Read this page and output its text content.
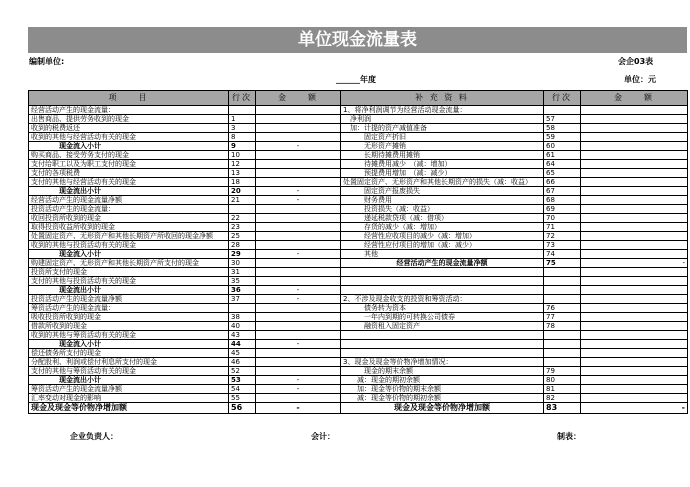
单位现金流量表
编制单位:	会企03表
______年度	单位：元
项　　目	行次	金　　额	补 充 资 料	行次	金　　额
经营活动产生的现金流量：			1、将净利润调节为经营活动现金流量：		
出售商品、提供劳务收到的现金	1		　净利润	57	
收到的税费返还	3		　加：计提的资产减值准备	58	
收到的其他与经营活动有关的现金	8		　　　固定资产折旧	59	
　　　　现金流入小计	9	-	　　　无形资产摊销	60	
购买商品、接受劳务支付的现金	10		　　　长期待摊费用摊销	61	
支付给职工以及为职工支付的现金	12		　　　待摊费用减少　（减：增加）	64	
支付的各项税费	13		　　　预提费用增加　（减：减少）	65	
支付的其他与经营活动有关的现金	18		处置固定资产、无形资产和其他长期资产的损失（减：收益）	66	
　　　　现金流出小计	20	-	　　　固定资产报废损失	67	
经营活动产生的现金流量净额	21	-	　　　财务费用	68	
投资活动产生的现金流量：			　　　投资损失（减：收益）	69	
收回投资所收到的现金	22		　　　递延税款贷项（减：借项）	70	
取得投资收益所收到的现金	23		　　　存货的减少（减：增加）	71	
处置固定资产、无形资产和其他长期资产所收回的现金净额	25		　　　经营性应收项目的减少（减：增加）	72	
收到的其他与投资活动有关的现金	28		　　　经营性应付项目的增加（减：减少）	73	
　　　　现金流入小计	29	-	　　　其他	74	
购建固定资产、无形资产和其他长期资产所支付的现金	30		经营活动产生的现金流量净额	75	-
投资所支付的现金	31				
支付的其他与投资活动有关的现金	35				
　　　　现金流出小计	36	-			
投资活动产生的现金流量净额	37	-	2、不涉及现金收支的投资和筹资活动：		
筹资活动产生的现金流量：			　　　债务转为资本	76	
吸收投资所收到的现金	38		　　　一年内到期的可转换公司债券	77	
借款所收到的现金	40		　　　融资租入固定资产	78	
收到的其他与筹资活动有关的现金	43				
　　　　现金流入小计	44	-			
偿还债务所支付的现金	45				
分配股利、利润或偿付利息所支付的现金	46		3、现金及现金等价物净增加情况：		
支付的其他与筹资活动有关的现金	52		　　　现金的期末余额	79	
　　　　现金流出小计	53	-	　　减：现金的期初余额	80	
筹资活动产生的现金流量净额	54	-	　　加：现金等价物的期末余额	81	
汇率变动对现金的影响	55		　　减：现金等价物的期初余额	82	
现金及现金等价物净增加额	56	-	现金及现金等价物净增加额	83	-
企业负责人：	会计：	制表：
